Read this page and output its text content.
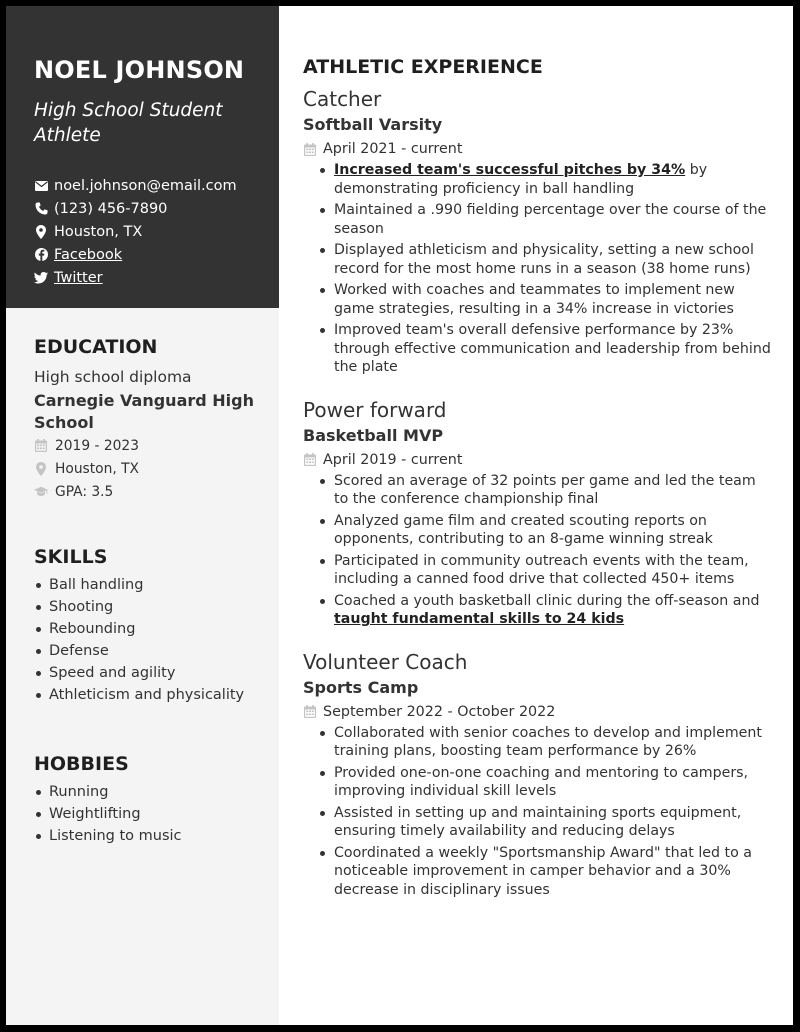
NOEL JOHNSON
High School Student Athlete
noel.johnson@email.com
(123) 456-7890
Houston, TX
Facebook
Twitter
EDUCATION
High school diploma
Carnegie Vanguard High School
2019 - 2023
Houston, TX
GPA: 3.5
SKILLS
Ball handling
Shooting
Rebounding
Defense
Speed and agility
Athleticism and physicality
HOBBIES
Running
Weightlifting
Listening to music
ATHLETIC EXPERIENCE
Catcher
Softball Varsity
April 2021 - current
Increased team's successful pitches by 34% by demonstrating proficiency in ball handling
Maintained a .990 fielding percentage over the course of the season
Displayed athleticism and physicality, setting a new school record for the most home runs in a season (38 home runs)
Worked with coaches and teammates to implement new game strategies, resulting in a 34% increase in victories
Improved team's overall defensive performance by 23% through effective communication and leadership from behind the plate
Power forward
Basketball MVP
April 2019 - current
Scored an average of 32 points per game and led the team to the conference championship final
Analyzed game film and created scouting reports on opponents, contributing to an 8-game winning streak
Participated in community outreach events with the team, including a canned food drive that collected 450+ items
Coached a youth basketball clinic during the off-season and taught fundamental skills to 24 kids
Volunteer Coach
Sports Camp
September 2022 - October 2022
Collaborated with senior coaches to develop and implement training plans, boosting team performance by 26%
Provided one-on-one coaching and mentoring to campers, improving individual skill levels
Assisted in setting up and maintaining sports equipment, ensuring timely availability and reducing delays
Coordinated a weekly "Sportsmanship Award" that led to a noticeable improvement in camper behavior and a 30% decrease in disciplinary issues
